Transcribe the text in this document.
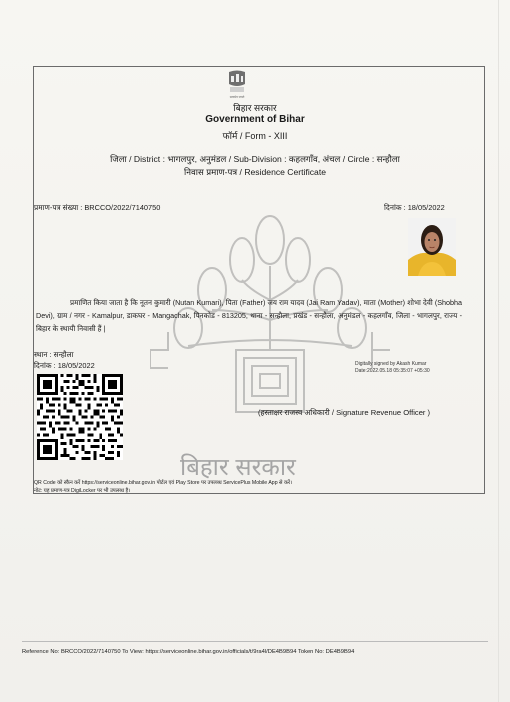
बिहार सरकार
सत्यमेव जयते
बिहार सरकार
Government of Bihar
फॉर्म / Form - XIII
जिला / District : भागलपुर, अनुमंडल / Sub-Division : कहलगाँव, अंचल / Circle : सन्हौला
निवास प्रमाण-पत्र / Residence Certificate
प्रमाण-पत्र संख्या : BRCCO/2022/7140750	दिनांक : 18/05/2022

प्रमाणित किया जाता है कि नूतन कुमारी (Nutan Kumari), पिता (Father) जय राम यादव (Jai Ram Yadav), माता (Mother) शोभा देवी (Shobha Devi), ग्राम / नगर - Kamalpur, डाकघर - Mangachak, पिनकोड - 813205, थाना - सन्हौला, प्रखंड - सन्हौला, अनुमंडल - कहलगाँव, जिला - भागलपुर, राज्य - बिहार के स्थायी निवासी हैं |

स्थान : सन्हौला
दिनांक : 18/05/2022	Digitally signed by Akash Kumar
Date:2022.05.18 05:35:07 +05:30
(हस्ताक्षर राजस्व अधिकारी / Signature Revenue Officer )
QR Code को स्कैन करें https://serviceonline.bihar.gov.in पोर्टल एवं Play Store पर उपलब्ध ServicePlus Mobile App से करें।
नोट: यह प्रमाण-पत्र DigiLocker पर भी उपलब्ध है।
Reference No: BRCCO/2022/7140750 To View: https://serviceonline.bihar.gov.in/officials/t/9ra4l/DE4B9B94 Token No: DE4B9B94
